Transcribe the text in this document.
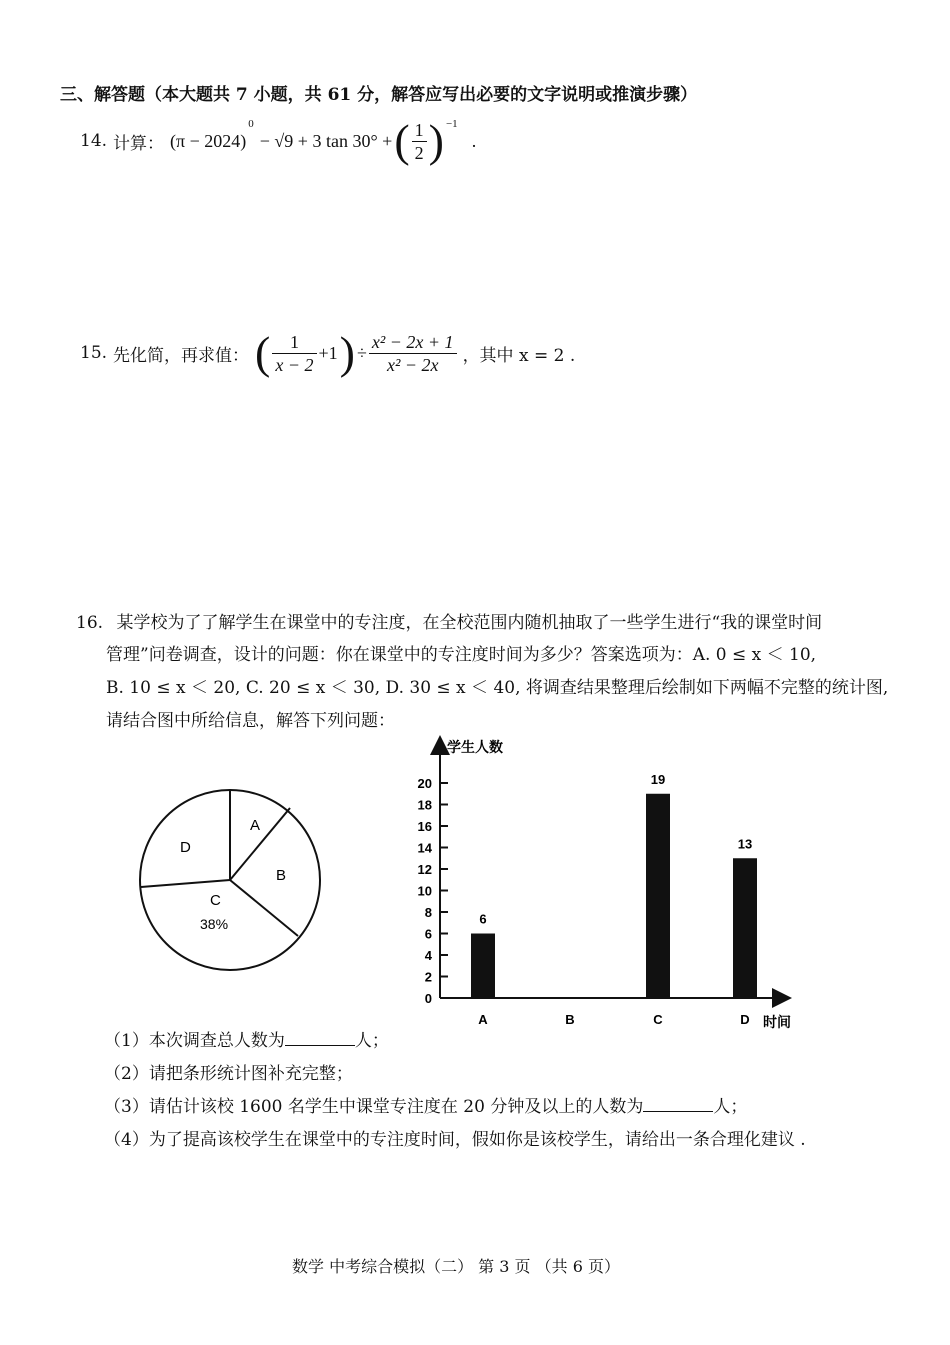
三、解答题（本大题共 7 小题，共 61 分，解答应写出必要的文字说明或推演步骤）
14. 计算： (π − 2024)
0
− √9 + 3 tan 30° + ( $\frac{1}{2} )^{-1}$
.
15. 先化简，再求值： ( $\frac{1}{x - 2} +1$ ) ÷ $\frac{\text{x² − 2x + 1}}{\text{x² − 2x}}$ ，其中 x = 2 .
16. 某学校为了了解学生在课堂中的专注度，在全校范围内随机抽取了一些学生进行“我的课堂时间
管理”问卷调查，设计的问题：你在课堂中的专注度时间为多少？答案选项为：A. 0 ≤ x ＜ 10,
B. 10 ≤ x ＜ 20, C. 20 ≤ x ＜ 30, D. 30 ≤ x ＜ 40, 将调查结果整理后绘制如下两幅不完整的统计图,
请结合图中所给信息，解答下列问题：
A
B
C
38%
D
学生人数
时间
0
2
4
6
8
10
12
14
16
18
20
6
19
13
A	B	C	D
（1）本次调查总人数为	人；
（2）请把条形统计图补充完整；
（3）请估计该校 1600 名学生中课堂专注度在 20 分钟及以上的人数为	人；
（4）为了提高该校学生在课堂中的专注度时间，假如你是该校学生，请给出一条合理化建议 .
数学 中考综合模拟（二） 第 3 页 （共 6 页）
